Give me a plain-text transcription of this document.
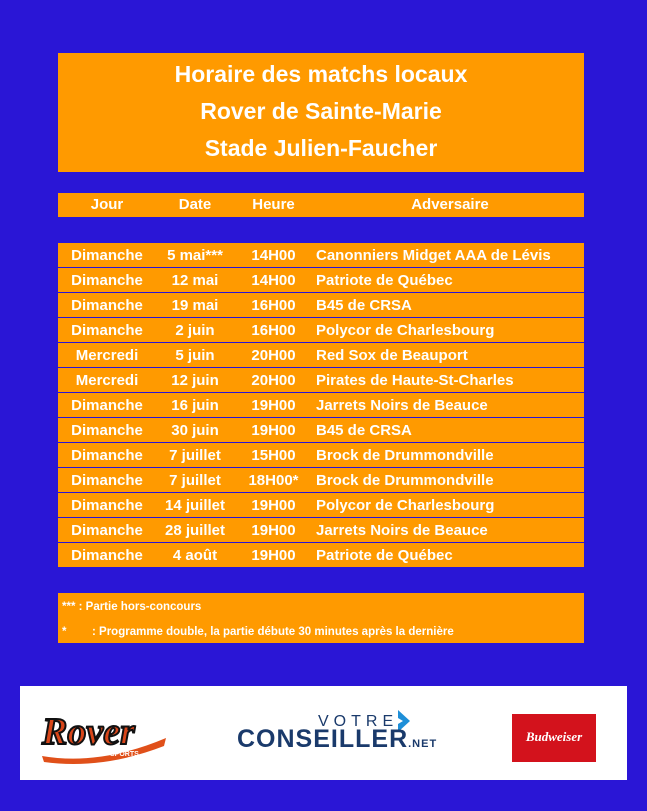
Horaire des matchs locaux
Rover de Sainte-Marie
Stade Julien-Faucher
Jour	Date	Heure	Adversaire
Dimanche	5 mai***	14H00	Canonniers Midget AAA de Lévis
Dimanche	12 mai	14H00	Patriote de Québec
Dimanche	19 mai	16H00	B45 de CRSA
Dimanche	2 juin	16H00	Polycor de Charlesbourg
Mercredi	5 juin	20H00	Red Sox de Beauport
Mercredi	12 juin	20H00	Pirates de Haute-St-Charles
Dimanche	16 juin	19H00	Jarrets Noirs de Beauce
Dimanche	30 juin	19H00	B45 de CRSA
Dimanche	7 juillet	15H00	Brock de Drummondville
Dimanche	7 juillet	18H00*	Brock de Drummondville
Dimanche	14 juillet	19H00	Polycor de Charlesbourg
Dimanche	28 juillet	19H00	Jarrets Noirs de Beauce
Dimanche	4 août	19H00	Patriote de Québec
*** : Partie hors-concours
* : Programme double, la partie débute 30 minutes après la dernière
Rover
SPORTS
VOTRE
CONSEILLER.NET	Budweiser
